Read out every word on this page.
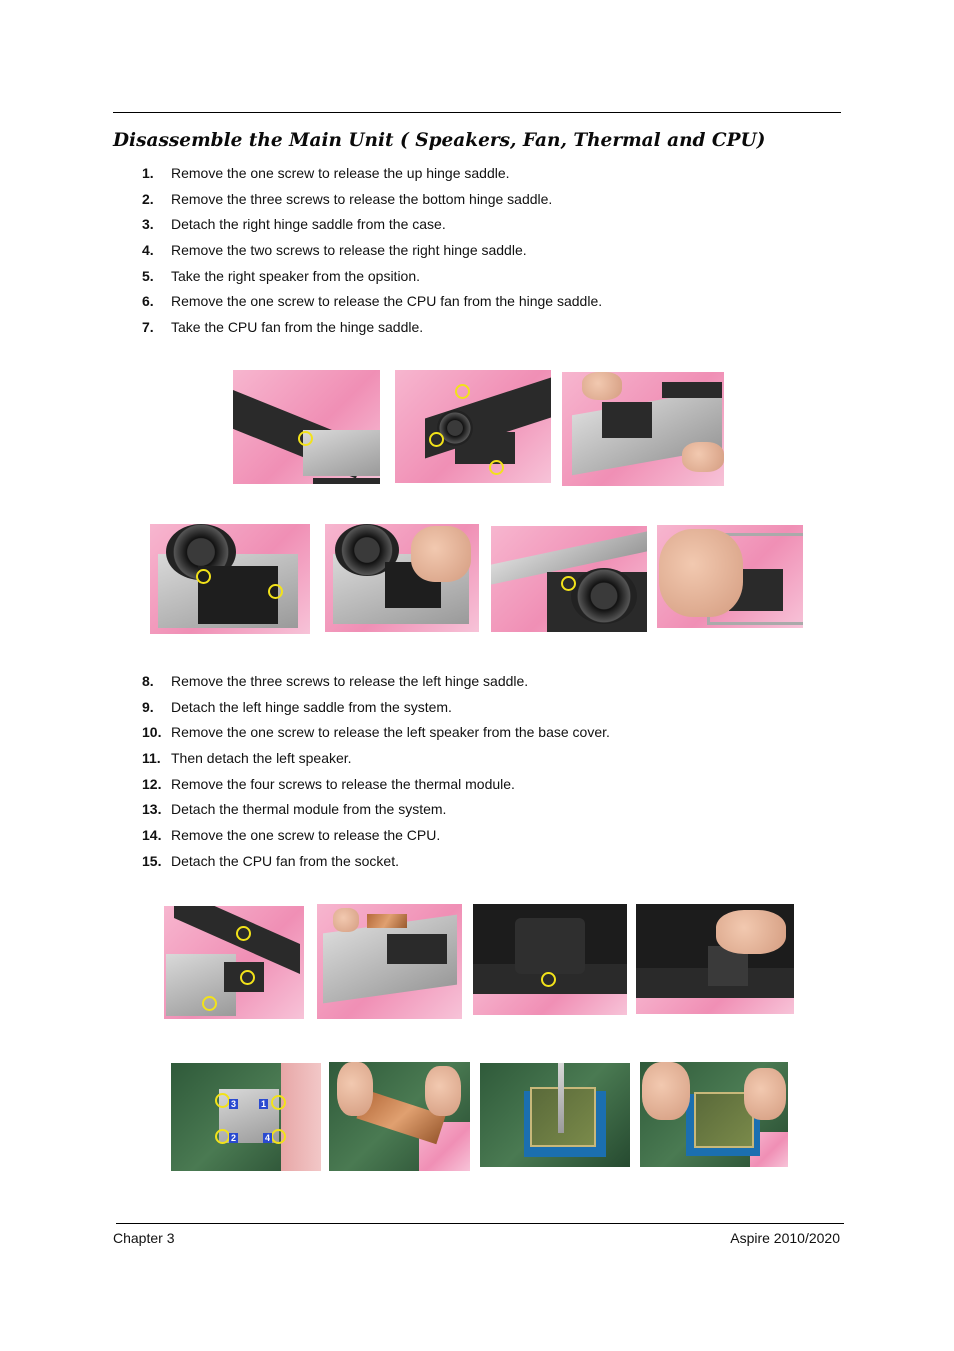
Disassemble the Main Unit ( Speakers, Fan, Thermal and CPU)
1. Remove the one screw to release the up hinge saddle.
2. Remove the three screws to release the bottom hinge saddle.
3. Detach the right hinge saddle from the case.
4. Remove the two screws to release the right hinge saddle.
5. Take the right speaker from the opsition.
6. Remove the one screw to release the CPU fan from the hinge saddle.
7. Take the CPU fan from the hinge saddle.
8. Remove the three screws to release the left hinge saddle.
9. Detach the left hinge saddle from the system.
10. Remove the one screw to release the left speaker from the base cover.
11. Then detach the left speaker.
12. Remove the four screws to release the thermal module.
13. Detach the thermal module from the system.
14. Remove the one screw to release the CPU.
15. Detach the CPU fan from the socket.
3	1
2	4
Chapter 3	Aspire 2010/2020
